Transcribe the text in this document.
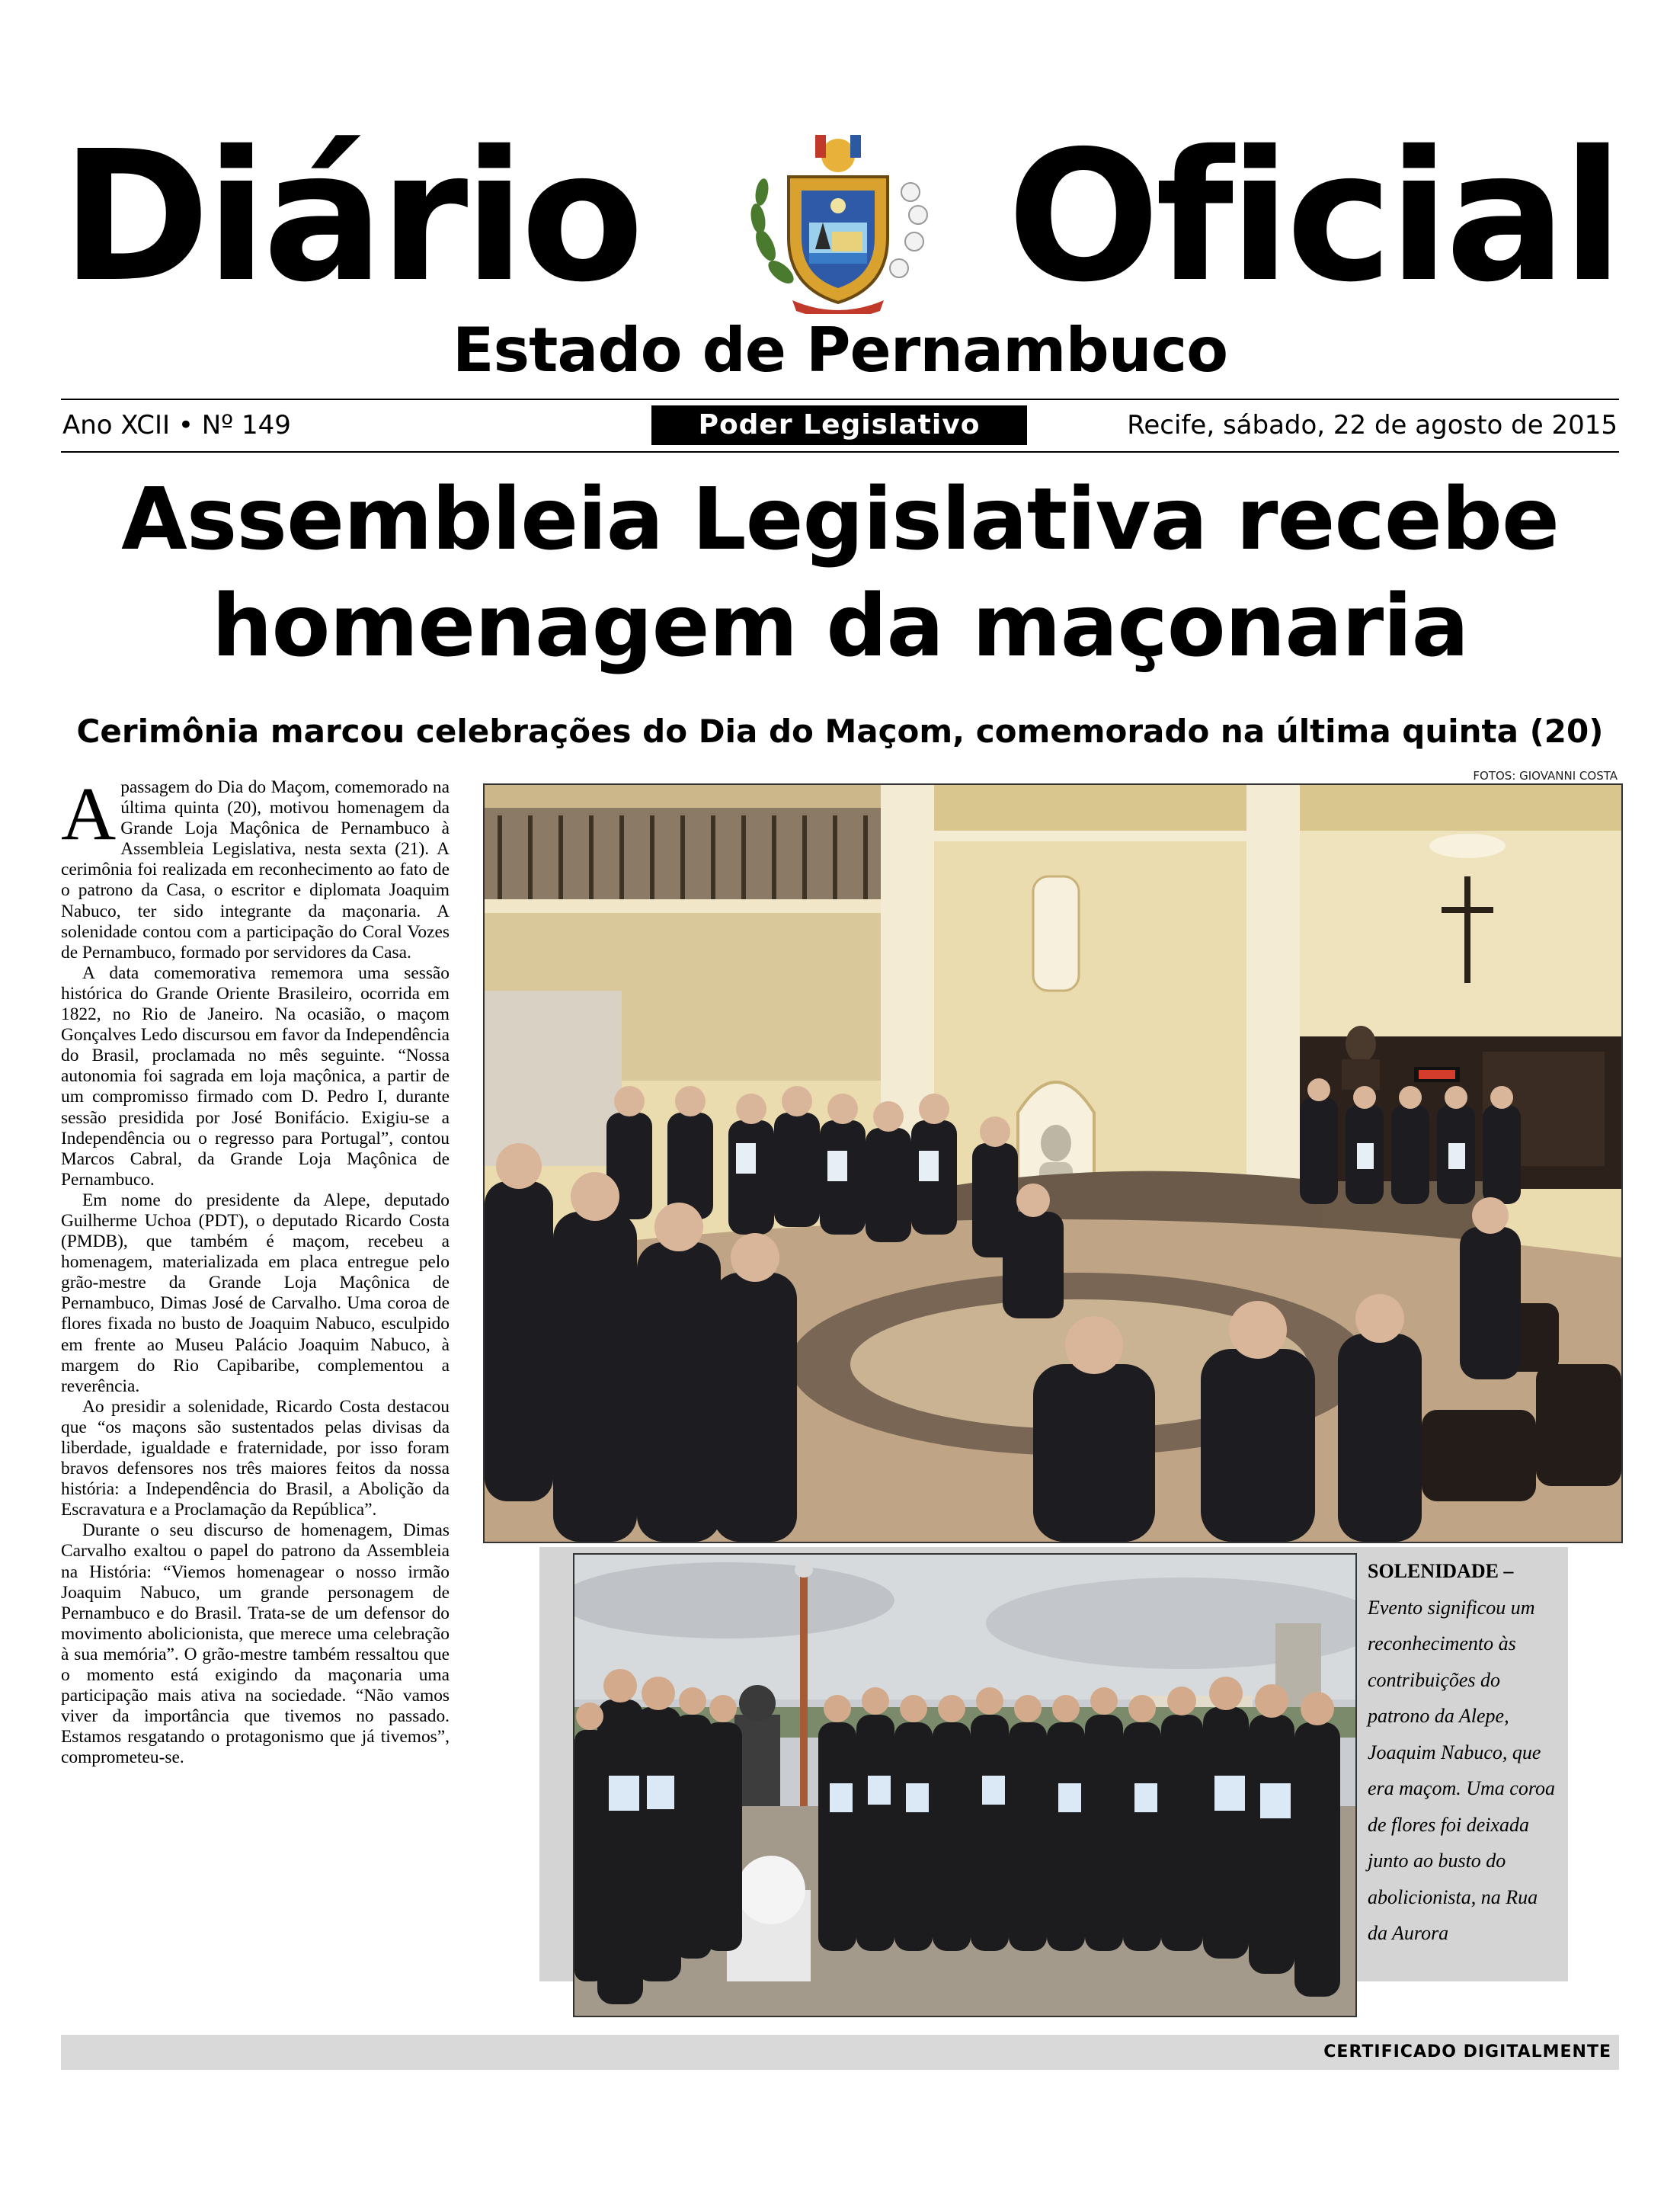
Diário Oficial
Estado de Pernambuco
Ano XCII • Nº 149	Poder Legislativo	Recife, sábado, 22 de agosto de 2015
Assembleia Legislativa recebe
homenagem da maçonaria
Cerimônia marcou celebrações do Dia do Maçom, comemorado na última quinta (20)
FOTOS: GIOVANNI COSTA

Apassagem do Dia do Maçom, comemorado na última quinta (20), motivou homenagem da Grande Loja Maçônica de Pernambuco à Assembleia Legislativa, nesta sexta (21). A cerimônia foi realizada em reconhecimento ao fato de o patrono da Casa, o escritor e diplomata Joaquim Nabuco, ter sido integrante da maçonaria. A solenidade contou com a participação do Coral Vozes de Pernambuco, formado por servidores da Casa.

A data comemorativa rememora uma sessão histórica do Grande Oriente Brasileiro, ocorrida em 1822, no Rio de Janeiro. Na ocasião, o maçom Gonçalves Ledo discursou em favor da Independência do Brasil, proclamada no mês seguinte. “Nossa autonomia foi sagrada em loja maçônica, a partir de um compromisso firmado com D. Pedro I, durante sessão presidida por José Bonifácio. Exigiu-se a Independência ou o regresso para Portugal”, contou Marcos Cabral, da Grande Loja Maçônica de Pernambuco.

Em nome do presidente da Alepe, deputado Guilherme Uchoa (PDT), o deputado Ricardo Costa (PMDB), que também é maçom, recebeu a homenagem, materializada em placa entregue pelo grão-mestre da Grande Loja Maçônica de Pernambuco, Dimas José de Carvalho. Uma coroa de flores fixada no busto de Joaquim Nabuco, esculpido em frente ao Museu Palácio Joaquim Nabuco, à margem do Rio Capibaribe, complementou a reverência.

Ao presidir a solenidade, Ricardo Costa destacou que “os maçons são sustentados pelas divisas da liberdade, igualdade e fraternidade, por isso foram bravos defensores nos três maiores feitos da nossa história: a Independência do Brasil, a Abolição da Escravatura e a Proclamação da República”.

Durante o seu discurso de homenagem, Dimas Carvalho exaltou o papel do patrono da Assembleia na História: “Viemos homenagear o nosso irmão Joaquim Nabuco, um grande personagem de Pernambuco e do Brasil. Trata-se de um defensor do movimento abolicionista, que merece uma celebração à sua memória”. O grão-mestre também ressaltou que o momento está exigindo da maçonaria uma participação mais ativa na sociedade. “Não vamos viver da importância que tivemos no passado. Estamos resgatando o protagonismo que já tivemos”, comprometeu-se.

SOLENIDADE –
Evento significou um reconhecimento às contribuições do patrono da Alepe, Joaquim Nabuco, que era maçom. Uma coroa de flores foi deixada junto ao busto do abolicionista, na Rua da Aurora
CERTIFICADO DIGITALMENTE
